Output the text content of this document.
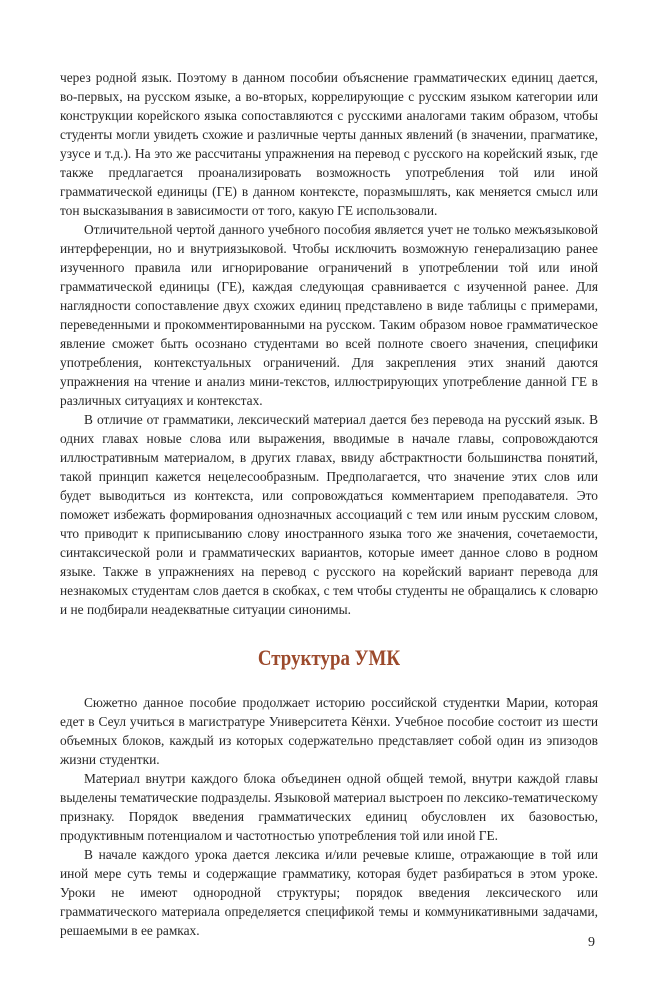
через родной язык. Поэтому в данном пособии объяснение грамматических единиц дается, во-первых, на русском языке, а во-вторых, коррелирующие с русским языком категории или конструкции корейского языка сопоставляются с русскими аналогами таким образом, чтобы студенты могли увидеть схожие и различные черты данных явлений (в значении, прагматике, узусе и т.д.). На это же рассчитаны упражнения на перевод с русского на корейский язык, где также предлагается проанализировать возможность употребления той или иной грамматической единицы (ГЕ) в данном контексте, поразмышлять, как меняется смысл или тон высказывания в зависимости от того, какую ГЕ использовали.

Отличительной чертой данного учебного пособия является учет не только межъязыковой интерференции, но и внутриязыковой. Чтобы исключить возможную генерализацию ранее изученного правила или игнорирование ограничений в употреблении той или иной грамматической единицы (ГЕ), каждая следующая сравнивается с изученной ранее. Для наглядности сопоставление двух схожих единиц представлено в виде таблицы с примерами, переведенными и прокомментированными на русском. Таким образом новое грамматическое явление сможет быть осознано студентами во всей полноте своего значения, специфики употребления, контекстуальных ограничений. Для закрепления этих знаний даются упражнения на чтение и анализ мини-текстов, иллюстрирующих употребление данной ГЕ в различных ситуациях и контекстах.

В отличие от грамматики, лексический материал дается без перевода на русский язык. В одних главах новые слова или выражения, вводимые в начале главы, сопровождаются иллюстративным материалом, в других главах, ввиду абстрактности большинства понятий, такой принцип кажется нецелесообразным. Предполагается, что значение этих слов или будет выводиться из контекста, или сопровождаться комментарием преподавателя. Это поможет избежать формирования однозначных ассоциаций с тем или иным русским словом, что приводит к приписыванию слову иностранного языка того же значения, сочетаемости, синтаксической роли и грамматических вариантов, которые имеет данное слово в родном языке. Также в упражнениях на перевод с русского на корейский вариант перевода для незнакомых студентам слов дается в скобках, с тем чтобы студенты не обращались к словарю и не подбирали неадекватные ситуации синонимы.

Структура УМК

Сюжетно данное пособие продолжает историю российской студентки Марии, которая едет в Сеул учиться в магистратуре Университета Кёнхи. Учебное пособие состоит из шести объемных блоков, каждый из которых содержательно представляет собой один из эпизодов жизни студентки.

Материал внутри каждого блока объединен одной общей темой, внутри каждой главы выделены тематические подразделы. Языковой материал выстроен по лексико-тематическому признаку. Порядок введения грамматических единиц обусловлен их базовостью, продуктивным потенциалом и частотностью употребления той или иной ГЕ.

В начале каждого урока дается лексика и/или речевые клише, отражающие в той или иной мере суть темы и содержащие грамматику, которая будет разбираться в этом уроке. Уроки не имеют однородной структуры; порядок введения лексического или грамматического материала определяется спецификой темы и коммуникативными задачами, решаемыми в ее рамках.

9
